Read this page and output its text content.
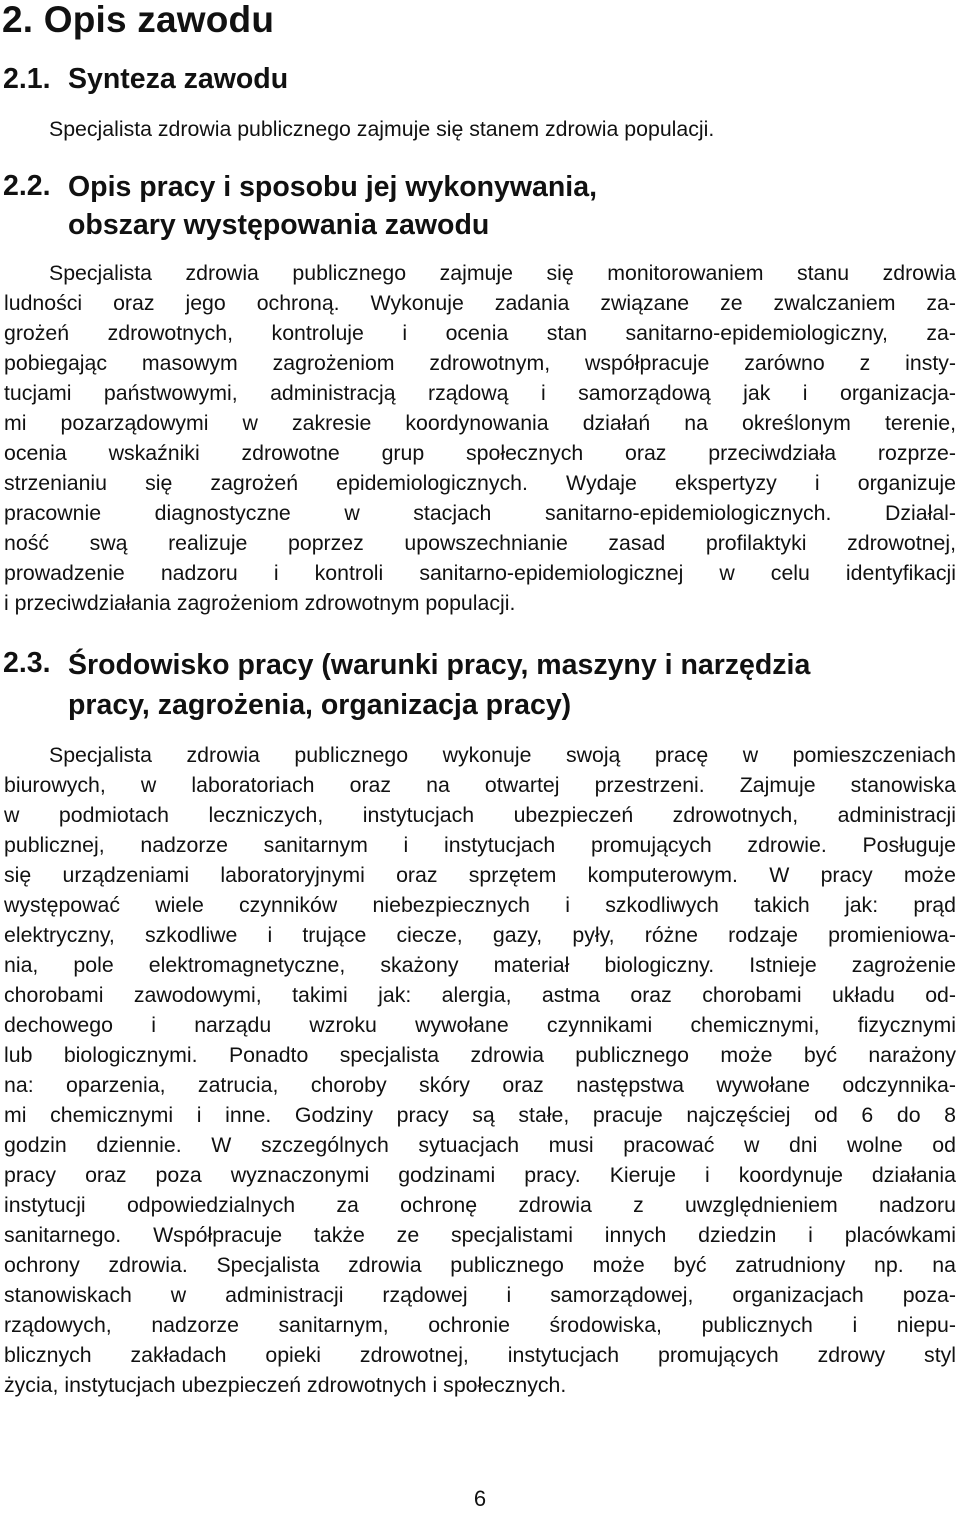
2. Opis zawodu
2.1. Synteza zawodu
Specjalista zdrowia publicznego zajmuje się stanem zdrowia populacji.
2.2. Opis pracy i sposobu jej wykonywania,
obszary występowania zawodu
Specjalista zdrowia publicznego zajmuje się monitorowaniem stanu zdrowia
ludności oraz jego ochroną. Wykonuje zadania związane ze zwalczaniem za-
grożeń zdrowotnych, kontroluje i ocenia stan sanitarno-epidemiologiczny, za-
pobiegając masowym zagrożeniom zdrowotnym, współpracuje zarówno z insty-
tucjami państwowymi, administracją rządową i samorządową jak i organizacja-
mi pozarządowymi w zakresie koordynowania działań na określonym terenie,
ocenia wskaźniki zdrowotne grup społecznych oraz przeciwdziała rozprze-
strzenianiu się zagrożeń epidemiologicznych. Wydaje ekspertyzy i organizuje
pracownie diagnostyczne w stacjach sanitarno-epidemiologicznych. Działal-
ność swą realizuje poprzez upowszechnianie zasad profilaktyki zdrowotnej,
prowadzenie nadzoru i kontroli sanitarno-epidemiologicznej w celu identyfikacji
i przeciwdziałania zagrożeniom zdrowotnym populacji.
2.3. Środowisko pracy (warunki pracy, maszyny i narzędzia
pracy, zagrożenia, organizacja pracy)
Specjalista zdrowia publicznego wykonuje swoją pracę w pomieszczeniach
biurowych, w laboratoriach oraz na otwartej przestrzeni. Zajmuje stanowiska
w podmiotach leczniczych, instytucjach ubezpieczeń zdrowotnych, administracji
publicznej, nadzorze sanitarnym i instytucjach promujących zdrowie. Posługuje
się urządzeniami laboratoryjnymi oraz sprzętem komputerowym. W pracy może
występować wiele czynników niebezpiecznych i szkodliwych takich jak: prąd
elektryczny, szkodliwe i trujące ciecze, gazy, pyły, różne rodzaje promieniowa-
nia, pole elektromagnetyczne, skażony materiał biologiczny. Istnieje zagrożenie
chorobami zawodowymi, takimi jak: alergia, astma oraz chorobami układu od-
dechowego i narządu wzroku wywołane czynnikami chemicznymi, fizycznymi
lub biologicznymi. Ponadto specjalista zdrowia publicznego może być narażony
na: oparzenia, zatrucia, choroby skóry oraz następstwa wywołane odczynnika-
mi chemicznymi i inne. Godziny pracy są stałe, pracuje najczęściej od 6 do 8
godzin dziennie. W szczególnych sytuacjach musi pracować w dni wolne od
pracy oraz poza wyznaczonymi godzinami pracy. Kieruje i koordynuje działania
instytucji odpowiedzialnych za ochronę zdrowia z uwzględnieniem nadzoru
sanitarnego. Współpracuje także ze specjalistami innych dziedzin i placówkami
ochrony zdrowia. Specjalista zdrowia publicznego może być zatrudniony np. na
stanowiskach w administracji rządowej i samorządowej, organizacjach poza-
rządowych, nadzorze sanitarnym, ochronie środowiska, publicznych i niepu-
blicznych zakładach opieki zdrowotnej, instytucjach promujących zdrowy styl
życia, instytucjach ubezpieczeń zdrowotnych i społecznych.
6
